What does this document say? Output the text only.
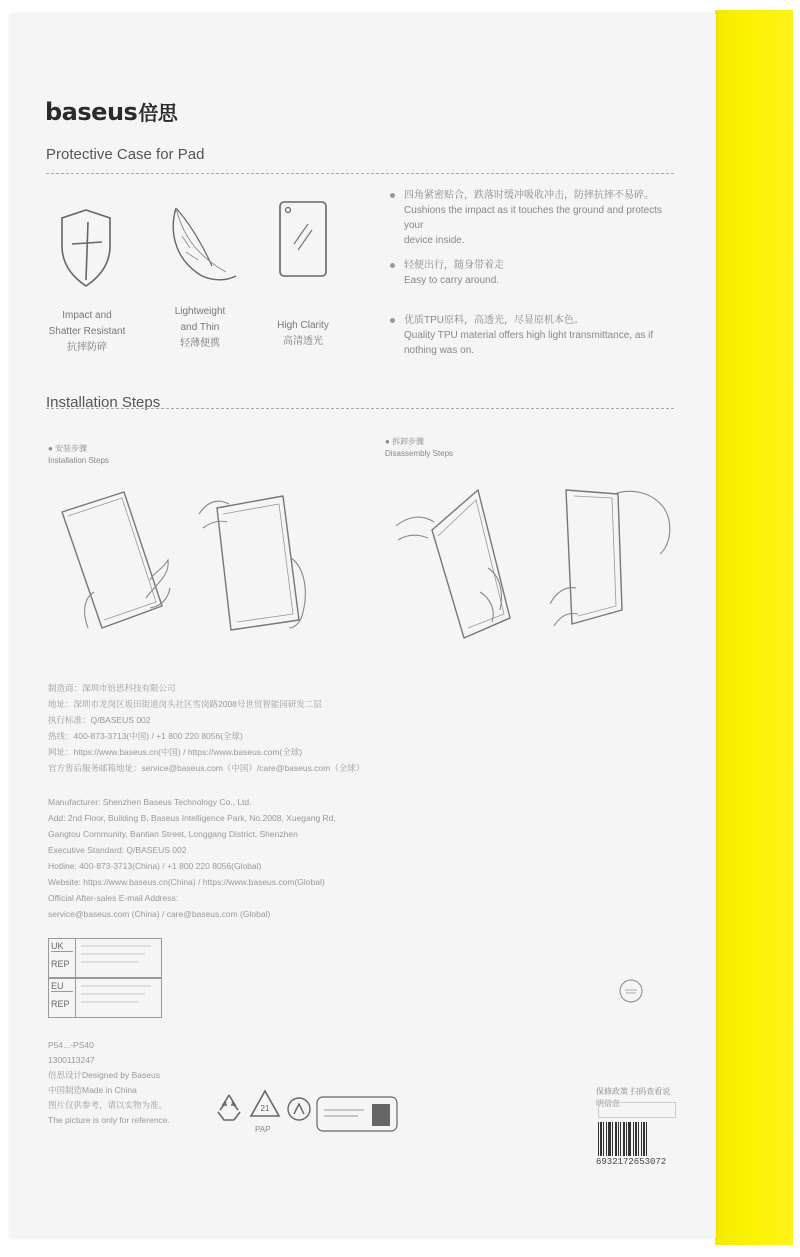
baseus倍思
Protective Case for Pad
Impact and
Shatter Resistant
抗摔防碎
Lightweight
and Thin
轻薄便携
High Clarity
高清透光
四角紧密贴合，跌落时缓冲吸收冲击，防摔抗摔不易碎。
Cushions the impact as it touches the ground and protects your
device inside.
轻便出行，随身带着走
Easy to carry around.
优质TPU原料，高透光，尽显原机本色。
Quality TPU material offers high light transmittance, as if
nothing was on.
Installation Steps
● 安装步骤
Installation Steps
● 拆卸步骤
Disassembly Steps
制造商：深圳市倍思科技有限公司
地址：深圳市龙岗区坂田街道岗头社区雪岗路2008号世贸智能园研发二层
执行标准：Q/BASEUS 002
热线：400-873-3713(中国) / +1 800 220 8056(全球)
网址：https://www.baseus.cn(中国) / https://www.baseus.com(全球)
官方售后服务邮箱地址：service@baseus.com（中国）/care@baseus.com（全球）
Manufacturer: Shenzhen Baseus Technology Co., Ltd.
Add: 2nd Floor, Building B, Baseus Intelligence Park, No.2008, Xuegang Rd,
Gangtou Community, Bantian Street, Longgang District, Shenzhen
Executive Standard: Q/BASEUS 002
Hotline: 400-873-3713(China) / +1 800 220 8056(Global)
Website: https://www.baseus.cn(China) / https://www.baseus.com(Global)
Official After-sales E-mail Address:
service@baseus.com (China) / care@baseus.com (Global)
UK
REP
EU
REP
P54...-PS40
1300113247
倍思设计Designed by Baseus
中国制造Made in China
图片仅供参考，请以实物为准。
The picture is only for reference.
21
PAP
保修政策 扫码查看说明信息
6932172653072
